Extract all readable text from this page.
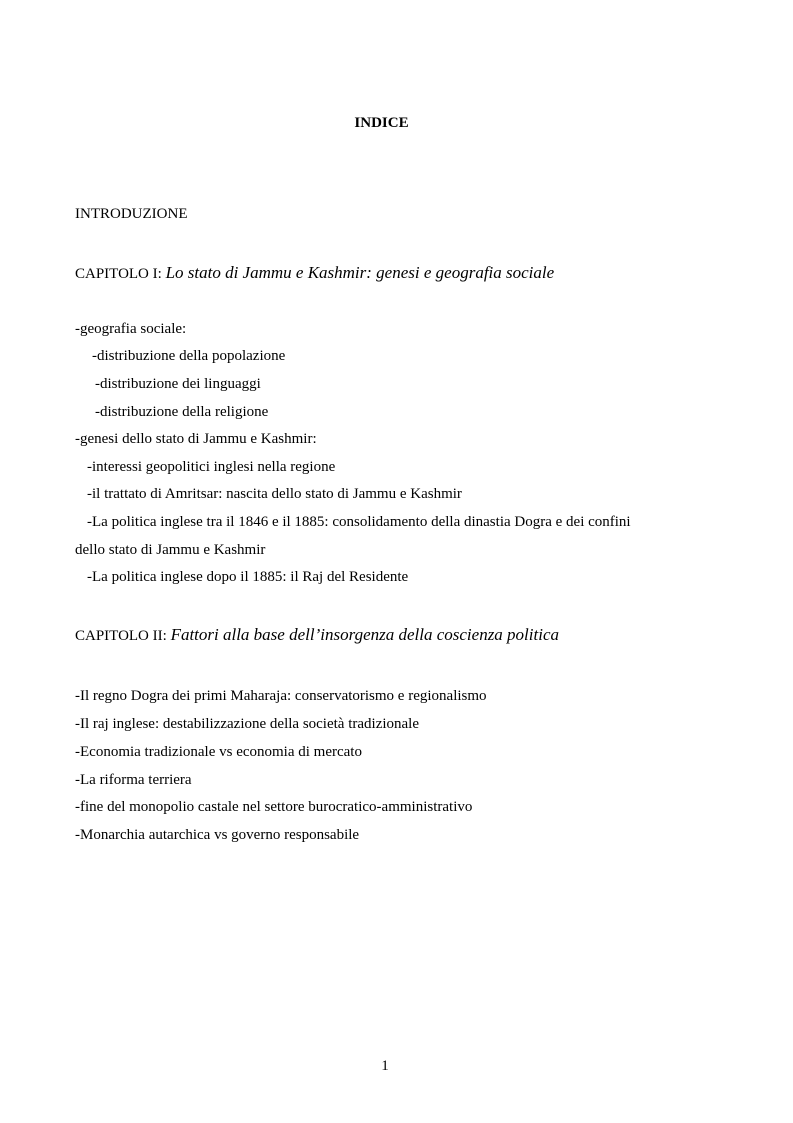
INDICE
INTRODUZIONE
CAPITOLO I: Lo stato di Jammu e Kashmir: genesi e geografia sociale
-geografia sociale:
-distribuzione della popolazione
-distribuzione dei linguaggi
-distribuzione della religione
-genesi dello stato di Jammu e Kashmir:
-interessi geopolitici inglesi nella regione
-il trattato di Amritsar: nascita dello stato di Jammu e Kashmir
-La politica inglese tra il 1846 e il 1885: consolidamento della dinastia Dogra e dei confini
dello stato di Jammu e Kashmir
-La politica inglese dopo il 1885: il Raj del Residente
CAPITOLO II: Fattori alla base dell’insorgenza della coscienza politica
-Il regno Dogra dei primi Maharaja: conservatorismo e regionalismo
-Il raj inglese: destabilizzazione della società tradizionale
-Economia tradizionale vs economia di mercato
-La riforma terriera
-fine del monopolio castale nel settore burocratico-amministrativo
-Monarchia autarchica vs governo responsabile
1
